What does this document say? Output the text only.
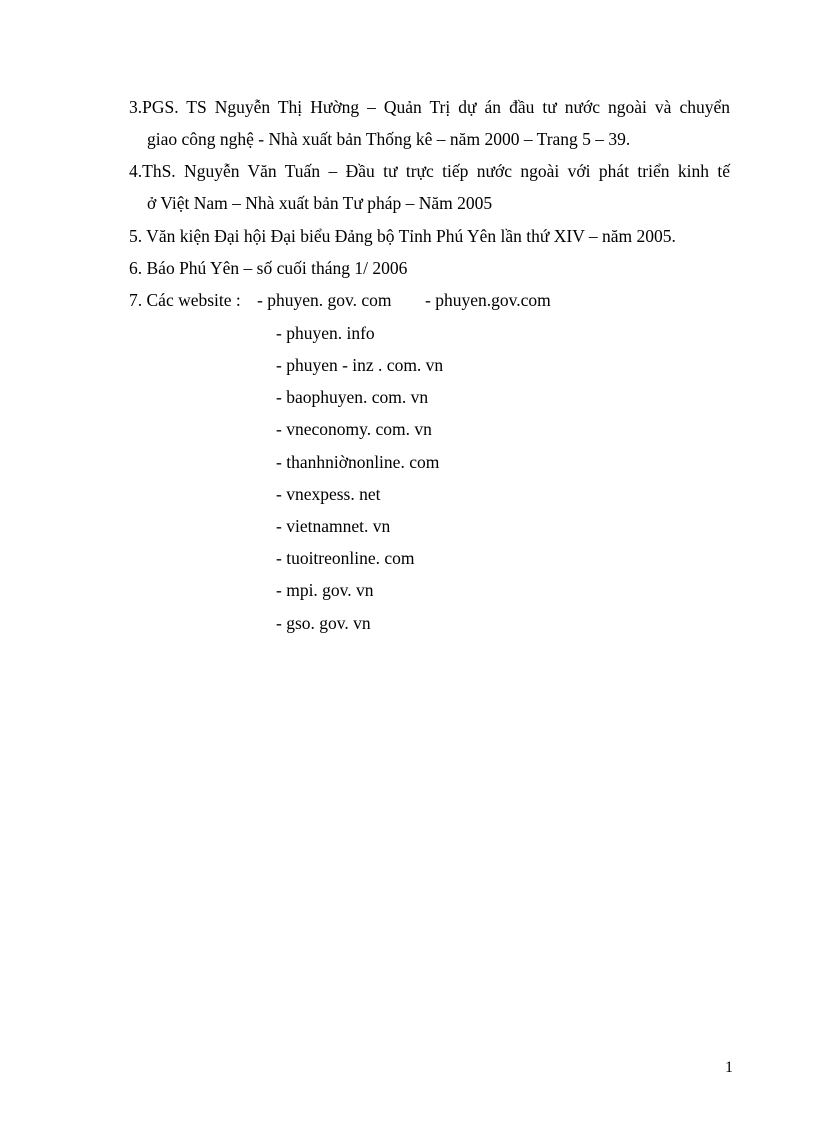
3.PGS. TS Nguyễn Thị Hường – Quản Trị dự án đầu tư nước ngoài và chuyển
giao công nghệ - Nhà xuất bản Thống kê – năm 2000 – Trang 5 – 39.
4.ThS. Nguyễn Văn Tuấn – Đầu tư trực tiếp nước ngoài với phát triển kinh tế
ở Việt Nam – Nhà xuất bản Tư pháp – Năm 2005
5. Văn kiện Đại hội Đại biểu Đảng bộ Tỉnh Phú Yên lần thứ XIV – năm 2005.
6. Báo Phú Yên – số cuối tháng 1/ 2006
7. Các website : - phuyen. gov. com - phuyen.gov.com
- phuyen. info
- phuyen - inz . com. vn
- baophuyen. com. vn
- vneconomy. com. vn
- thanhniờnonline. com
- vnexpess. net
- vietnamnet. vn
- tuoitreonline. com
- mpi. gov. vn
- gso. gov. vn
1
